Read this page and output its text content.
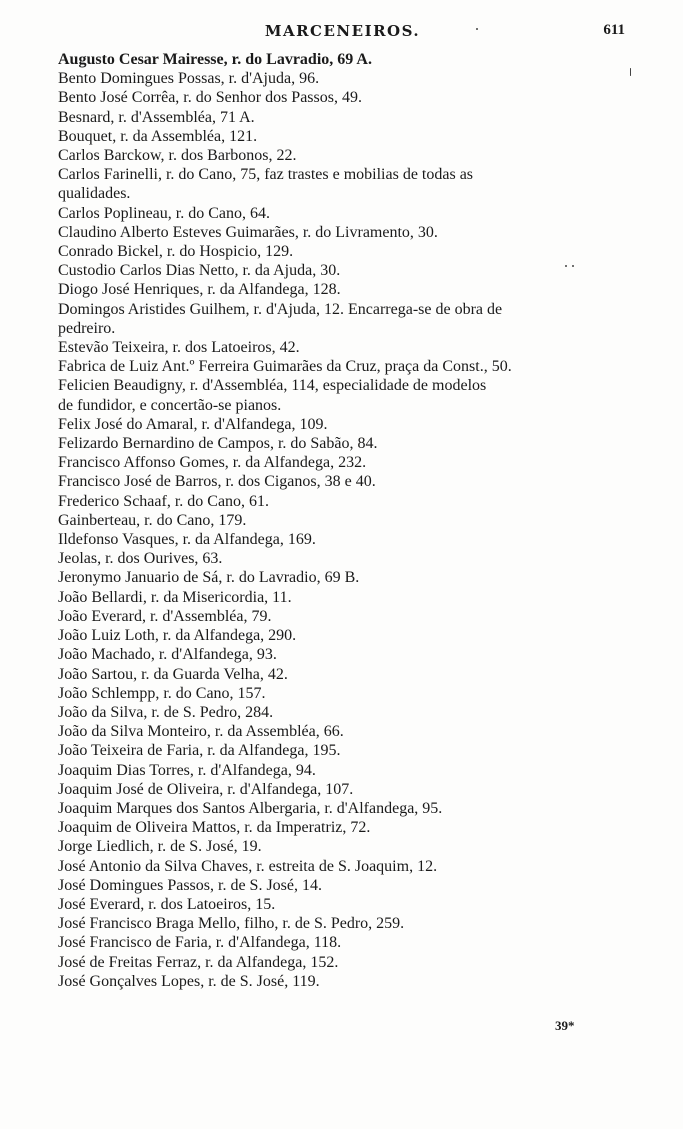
MARCENEIROS.	611
Augusto Cesar Mairesse, r. do Lavradio, 69 A.
Bento Domingues Possas, r. d'Ajuda, 96.
Bento José Corrêa, r. do Senhor dos Passos, 49.
Besnard, r. d'Assembléa, 71 A.
Bouquet, r. da Assembléa, 121.
Carlos Barckow, r. dos Barbonos, 22.
Carlos Farinelli, r. do Cano, 75, faz trastes e mobilias de todas as
qualidades.
Carlos Poplineau, r. do Cano, 64.
Claudino Alberto Esteves Guimarães, r. do Livramento, 30.
Conrado Bickel, r. do Hospicio, 129.
Custodio Carlos Dias Netto, r. da Ajuda, 30.
Diogo José Henriques, r. da Alfandega, 128.
Domingos Aristides Guilhem, r. d'Ajuda, 12. Encarrega-se de obra de
pedreiro.
Estevão Teixeira, r. dos Latoeiros, 42.
Fabrica de Luiz Ant.º Ferreira Guimarães da Cruz, praça da Const., 50.
Felicien Beaudigny, r. d'Assembléa, 114, especialidade de modelos
de fundidor, e concertão-se pianos.
Felix José do Amaral, r. d'Alfandega, 109.
Felizardo Bernardino de Campos, r. do Sabão, 84.
Francisco Affonso Gomes, r. da Alfandega, 232.
Francisco José de Barros, r. dos Ciganos, 38 e 40.
Frederico Schaaf, r. do Cano, 61.
Gainberteau, r. do Cano, 179.
Ildefonso Vasques, r. da Alfandega, 169.
Jeolas, r. dos Ourives, 63.
Jeronymo Januario de Sá, r. do Lavradio, 69 B.
João Bellardi, r. da Misericordia, 11.
João Everard, r. d'Assembléa, 79.
João Luiz Loth, r. da Alfandega, 290.
João Machado, r. d'Alfandega, 93.
João Sartou, r. da Guarda Velha, 42.
João Schlempp, r. do Cano, 157.
João da Silva, r. de S. Pedro, 284.
João da Silva Monteiro, r. da Assembléa, 66.
João Teixeira de Faria, r. da Alfandega, 195.
Joaquim Dias Torres, r. d'Alfandega, 94.
Joaquim José de Oliveira, r. d'Alfandega, 107.
Joaquim Marques dos Santos Albergaria, r. d'Alfandega, 95.
Joaquim de Oliveira Mattos, r. da Imperatriz, 72.
Jorge Liedlich, r. de S. José, 19.
José Antonio da Silva Chaves, r. estreita de S. Joaquim, 12.
José Domingues Passos, r. de S. José, 14.
José Everard, r. dos Latoeiros, 15.
José Francisco Braga Mello, filho, r. de S. Pedro, 259.
José Francisco de Faria, r. d'Alfandega, 118.
José de Freitas Ferraz, r. da Alfandega, 152.
José Gonçalves Lopes, r. de S. José, 119.
39*
